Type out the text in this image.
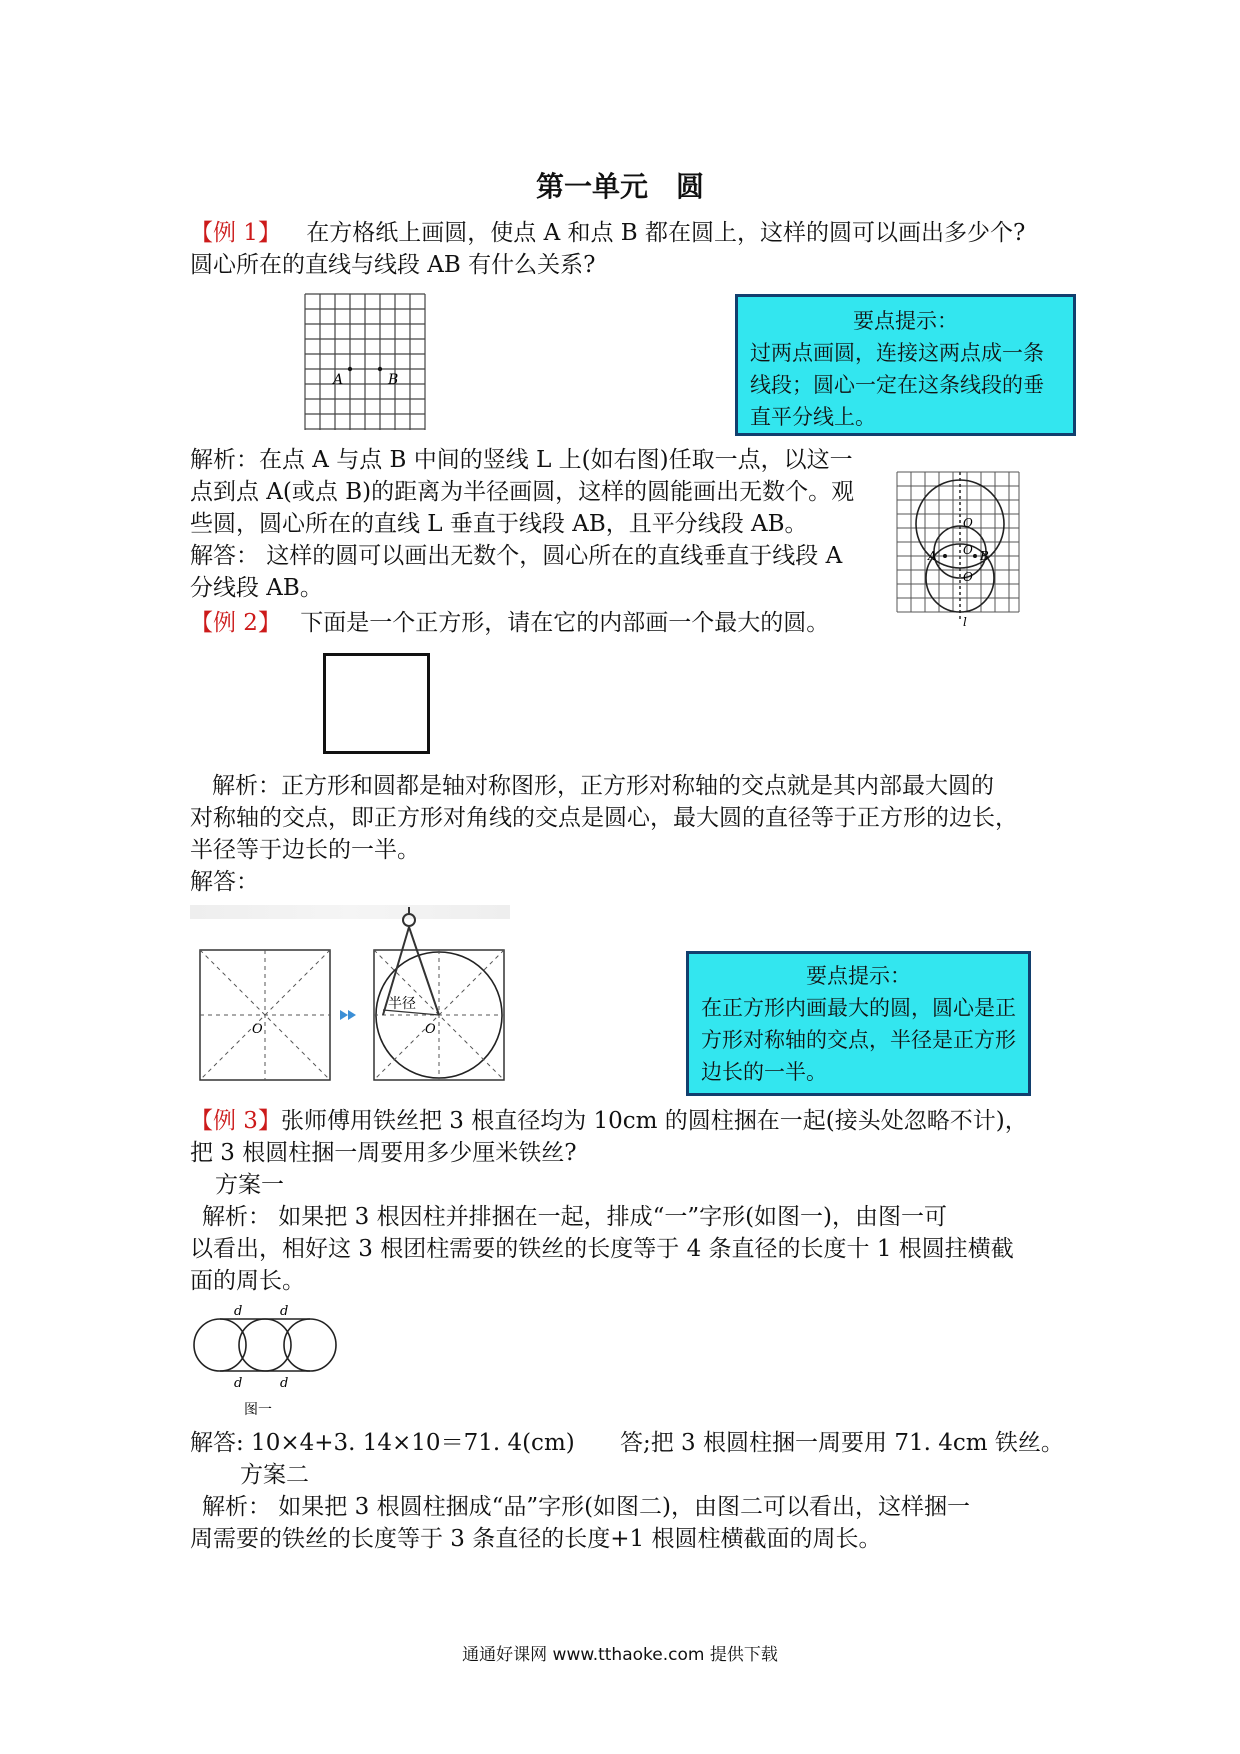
第一单元　圆
【例 1】 在方格纸上画圆，使点 A 和点 B 都在圆上，这样的圆可以画出多少个?
圆心所在的直线与线段 AB 有什么关系?
A	B
要点提示：
过两点画圆，连接这两点成一条线段；圆心一定在这条线段的垂直平分线上。
解析：在点 A 与点 B 中间的竖线 L 上(如右图)任取一点，以这一
点到点 A(或点 B)的距离为半径画圆，这样的圆能画出无数个。观
些圆，圆心所在的直线 L 垂直于线段 AB，且平分线段 AB。
解答： 这样的圆可以画出无数个，圆心所在的直线垂直于线段 A
分线段 AB。
O
O
O
A	B
l
【例 2】 下面是一个正方形，请在它的内部画一个最大的圆。
解析：正方形和圆都是轴对称图形，正方形对称轴的交点就是其内部最大圆的
对称轴的交点，即正方形对角线的交点是圆心，最大圆的直径等于正方形的边长，
半径等于边长的一半。
解答：
O
半径
O
要点提示：
在正方形内画最大的圆，圆心是正方形对称轴的交点，半径是正方形边长的一半。
【例 3】张师傅用铁丝把 3 根直径均为 10cm 的圆柱捆在一起(接头处忽略不计)，
把 3 根圆柱捆一周要用多少厘米铁丝?
方案一
解析： 如果把 3 根因柱并排捆在一起，排成“一”字形(如图一)，由图一可
以看出，相好这 3 根团柱需要的铁丝的长度等于 4 条直径的长度十 1 根圆拄横截
面的周长。
d	d
d	d
图一
解答: 10×4+3. 14×10＝71. 4(cm) 答;把 3 根圆柱捆一周要用 71. 4cm 铁丝。
方案二
解析： 如果把 3 根圆柱捆成“品”字形(如图二)，由图二可以看出，这样捆一
周需要的铁丝的长度等于 3 条直径的长度+1 根圆柱横截面的周长。
通通好课网 www.tthaoke.com 提供下载
